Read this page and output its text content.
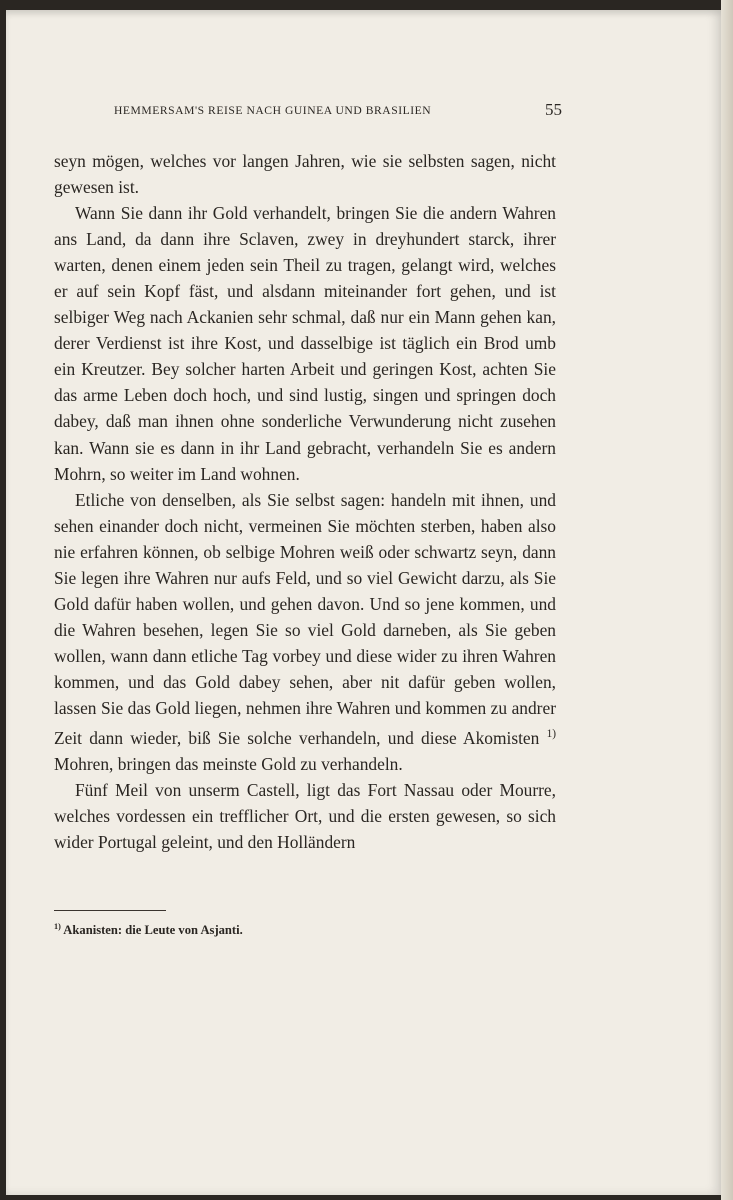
HEMMERSAM'S REISE NACH GUINEA UND BRASILIEN	55

seyn mögen, welches vor langen Jahren, wie sie selbsten sagen, nicht gewesen ist.

Wann Sie dann ihr Gold verhandelt, bringen Sie die andern Wahren ans Land, da dann ihre Sclaven, zwey in dreyhundert starck, ihrer warten, denen einem jeden sein Theil zu tragen, gelangt wird, welches er auf sein Kopf fäst, und alsdann miteinander fort gehen, und ist selbiger Weg nach Ackanien sehr schmal, daß nur ein Mann gehen kan, derer Verdienst ist ihre Kost, und dasselbige ist täglich ein Brod umb ein Kreutzer. Bey solcher harten Arbeit und geringen Kost, achten Sie das arme Leben doch hoch, und sind lustig, singen und springen doch dabey, daß man ihnen ohne sonderliche Verwunderung nicht zusehen kan. Wann sie es dann in ihr Land gebracht, verhandeln Sie es andern Mohrn, so weiter im Land wohnen.

Etliche von denselben, als Sie selbst sagen: handeln mit ihnen, und sehen einander doch nicht, vermeinen Sie möchten sterben, haben also nie erfahren können, ob selbige Mohren weiß oder schwartz seyn, dann Sie legen ihre Wahren nur aufs Feld, und so viel Gewicht darzu, als Sie Gold dafür haben wollen, und gehen davon. Und so jene kommen, und die Wahren besehen, legen Sie so viel Gold darneben, als Sie geben wollen, wann dann etliche Tag vorbey und diese wider zu ihren Wahren kommen, und das Gold dabey sehen, aber nit dafür geben wollen, lassen Sie das Gold liegen, nehmen ihre Wahren und kommen zu andrer Zeit dann wieder, biß Sie solche verhandeln, und diese Akomisten $^{1)}$ Mohren, bringen das meinste Gold zu verhandeln.

Fünf Meil von unserm Castell, ligt das Fort Nassau oder Mourre, welches vordessen ein trefflicher Ort, und die ersten gewesen, so sich wider Portugal geleint, und den Holländern

$^{1)}$ Akanisten: die Leute von Asjanti.
